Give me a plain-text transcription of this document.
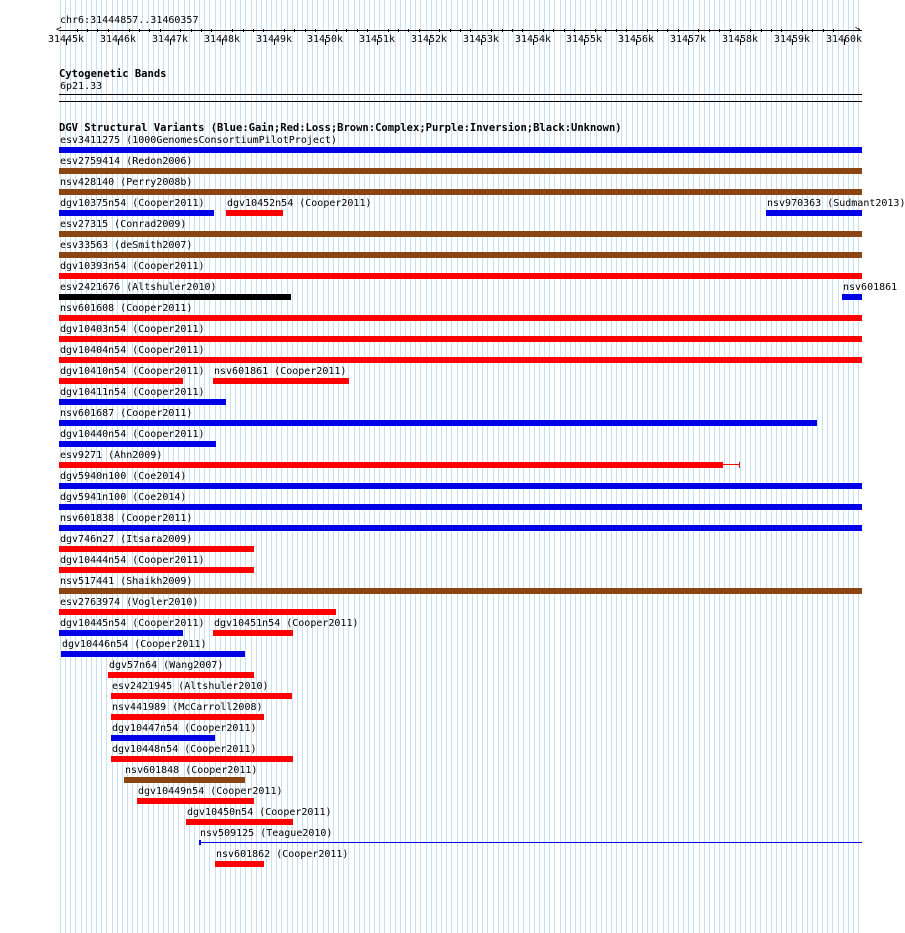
chr6:31444857..31460357
<	>
31445k 31446k 31447k 31448k 31449k 31450k 31451k 31452k 31453k 31454k 31455k 31456k 31457k 31458k 31459k 31460k
Cytogenetic Bands
6p21.33
DGV Structural Variants (Blue:Gain;Red:Loss;Brown:Complex;Purple:Inversion;Black:Unknown)
esv3411275 (1000GenomesConsortiumPilotProject)
esv2759414 (Redon2006)
nsv428140 (Perry2008b)
dgv10375n54 (Cooper2011) dgv10452n54 (Cooper2011)	nsv970363 (Sudmant2013)
esv27315 (Conrad2009)
esv33563 (deSmith2007)
dgv10393n54 (Cooper2011)
esv2421676 (Altshuler2010)	nsv601861
nsv601608 (Cooper2011)
dgv10403n54 (Cooper2011)
dgv10404n54 (Cooper2011)
dgv10410n54 (Cooper2011) nsv601861 (Cooper2011)
dgv10411n54 (Cooper2011)
nsv601687 (Cooper2011)
dgv10440n54 (Cooper2011)
esv9271 (Ahn2009)
dgv5940n100 (Coe2014)
dgv5941n100 (Coe2014)
nsv601838 (Cooper2011)
dgv746n27 (Itsara2009)
dgv10444n54 (Cooper2011)
nsv517441 (Shaikh2009)
esv2763974 (Vogler2010)
dgv10445n54 (Cooper2011) dgv10451n54 (Cooper2011)
dgv10446n54 (Cooper2011)
dgv57n64 (Wang2007)
esv2421945 (Altshuler2010)
nsv441989 (McCarroll2008)
dgv10447n54 (Cooper2011)
dgv10448n54 (Cooper2011)
nsv601848 (Cooper2011)
dgv10449n54 (Cooper2011)
dgv10450n54 (Cooper2011)
nsv509125 (Teague2010)
nsv601862 (Cooper2011)
